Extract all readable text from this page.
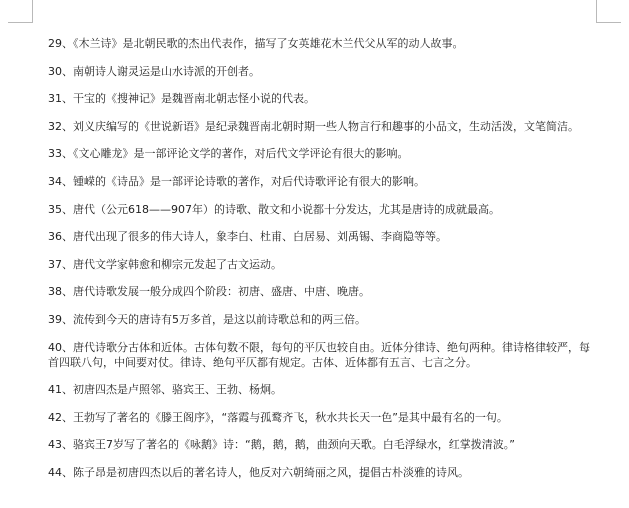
29、《木兰诗》是北朝民歌的杰出代表作，描写了女英雄花木兰代父从军的动人故事。

30、南朝诗人谢灵运是山水诗派的开创者。

31、干宝的《搜神记》是魏晋南北朝志怪小说的代表。

32、刘义庆编写的《世说新语》是纪录魏晋南北朝时期一些人物言行和趣事的小品文，生动活泼，文笔简洁。

33、《文心雕龙》是一部评论文学的著作，对后代文学评论有很大的影响。

34、锺嵘的《诗品》是一部评论诗歌的著作，对后代诗歌评论有很大的影响。

35、唐代（公元618——907年）的诗歌、散文和小说都十分发达，尤其是唐诗的成就最高。

36、唐代出现了很多的伟大诗人，象李白、杜甫、白居易、刘禹锡、李商隐等等。

37、唐代文学家韩愈和柳宗元发起了古文运动。

38、唐代诗歌发展一般分成四个阶段：初唐、盛唐、中唐、晚唐。

39、流传到今天的唐诗有5万多首，是这以前诗歌总和的两三倍。

40、唐代诗歌分古体和近体。古体句数不限，每句的平仄也较自由。近体分律诗、绝句两种。律诗格律较严，每首四联八句，中间要对仗。律诗、绝句平仄都有规定。古体、近体都有五言、七言之分。

41、初唐四杰是卢照邻、骆宾王、王勃、杨炯。

42、王勃写了著名的《滕王阁序》，“落霞与孤鹜齐飞，秋水共长天一色”是其中最有名的一句。

43、骆宾王7岁写了著名的《咏鹅》诗：“鹅，鹅，鹅，曲颈向天歌。白毛浮绿水，红掌拨清波。”

44、陈子昂是初唐四杰以后的著名诗人，他反对六朝绮丽之风，提倡古朴淡雅的诗风。
